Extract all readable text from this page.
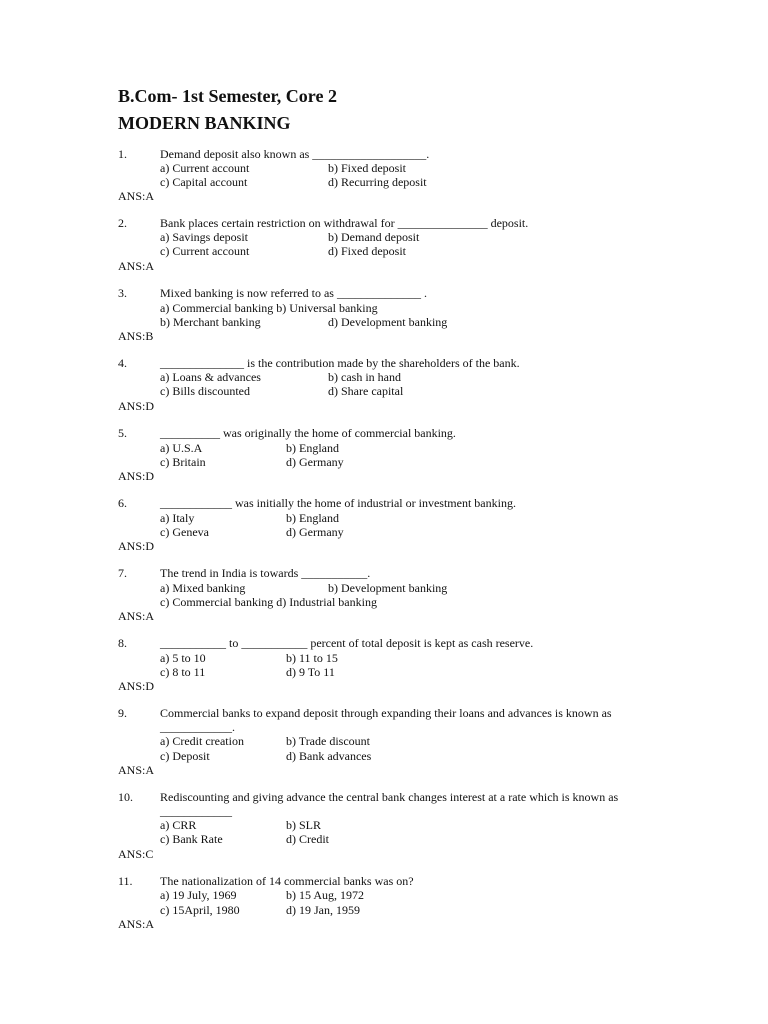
B.Com- 1st Semester, Core 2
MODERN BANKING
1.	Demand deposit also known as ___________________.
a) Current account	b) Fixed deposit
c) Capital account	d) Recurring deposit
ANS:A
2.	Bank places certain restriction on withdrawal for _______________ deposit.
a) Savings deposit	b) Demand deposit
c) Current account	d) Fixed deposit
ANS:A
3.	Mixed banking is now referred to as ______________ .
a) Commercial banking b) Universal banking
b) Merchant banking	d) Development banking
ANS:B
4.	______________ is the contribution made by the shareholders of the bank.
a) Loans & advances	b) cash in hand
c) Bills discounted	d) Share capital
ANS:D
5.	__________ was originally the home of commercial banking.
a) U.S.A	b) England
c) Britain	d) Germany
ANS:D
6.	____________ was initially the home of industrial or investment banking.
a) Italy	b) England
c) Geneva	d) Germany
ANS:D
7.	The trend in India is towards ___________.
a) Mixed banking	b) Development banking
c) Commercial banking d) Industrial banking
ANS:A
8.	___________ to ___________ percent of total deposit is kept as cash reserve.
a) 5 to 10	b) 11 to 15
c) 8 to 11	d) 9 To 11
ANS:D
9.	Commercial banks to expand deposit through expanding their loans and advances is known as
____________.
a) Credit creation	b) Trade discount
c) Deposit	d) Bank advances
ANS:A
10. Rediscounting and giving advance the central bank changes interest at a rate which is known as
____________
a) CRR	b) SLR
c) Bank Rate	d) Credit
ANS:C
11. The nationalization of 14 commercial banks was on?
a) 19 July, 1969	b) 15 Aug, 1972
c) 15April, 1980	d) 19 Jan, 1959
ANS:A
